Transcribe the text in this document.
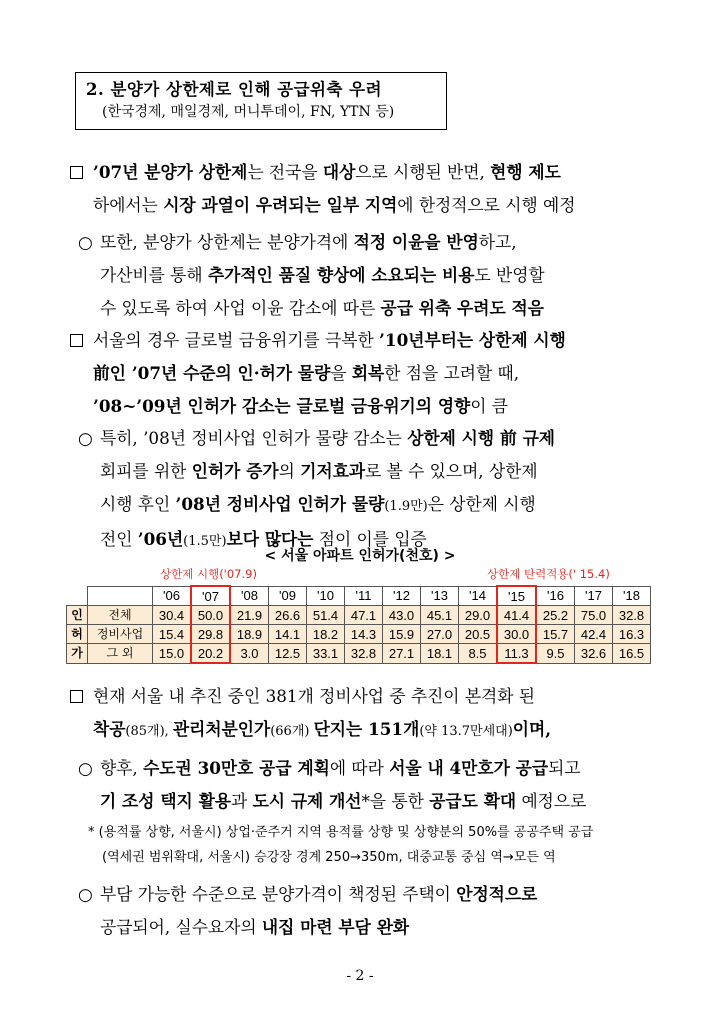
2. 분양가 상한제로 인해 공급위축 우려
(한국경제, 매일경제, 머니투데이, FN, YTN 등)
’07년 분양가 상한제는 전국을 대상으로 시행된 반면, 현행 제도
하에서는 시장 과열이 우려되는 일부 지역에 한정적으로 시행 예정
○ 또한, 분양가 상한제는 분양가격에 적정 이윤을 반영하고,
가산비를 통해 추가적인 품질 향상에 소요되는 비용도 반영할
수 있도록 하여 사업 이윤 감소에 따른 공급 위축 우려도 적음
서울의 경우 글로벌 금융위기를 극복한 ’10년부터는 상한제 시행
前인 ’07년 수준의 인·허가 물량을 회복한 점을 고려할 때,
’08~’09년 인허가 감소는 글로벌 금융위기의 영향이 큼
○ 특히, ’08년 정비사업 인허가 물량 감소는 상한제 시행 前 규제
회피를 위한 인허가 증가의 기저효과로 볼 수 있으며, 상한제
시행 후인 ’08년 정비사업 인허가 물량(1.9만)은 상한제 시행
전인 ’06년(1.5만)보다 많다는 점이 이를 입증
< 서울 아파트 인허가(천호) >
상한제 시행('07.9)	상한제 탄력적용(' 15.4)
		'06	'07	'08	'09	'10	'11	'12	'13	'14	'15	'16	'17	'18
인	전체	30.4	50.0	21.9	26.6	51.4	47.1	43.0	45.1	29.0	41.4	25.2	75.0	32.8
허	정비사업	15.4	29.8	18.9	14.1	18.2	14.3	15.9	27.0	20.5	30.0	15.7	42.4	16.3
가	그 외	15.0	20.2	3.0	12.5	33.1	32.8	27.1	18.1	8.5	11.3	9.5	32.6	16.5
현재 서울 내 추진 중인 381개 정비사업 중 추진이 본격화 된
착공(85개), 관리처분인가(66개) 단지는 151개(약 13.7만세대)이며,
○ 향후, 수도권 30만호 공급 계획에 따라 서울 내 4만호가 공급되고
기 조성 택지 활용과 도시 규제 개선*을 통한 공급도 확대 예정으로
* (용적률 상향, 서울시) 상업·준주거 지역 용적률 상향 및 상향분의 50%를 공공주택 공급
(역세권 범위확대, 서울시) 승강장 경계 250→350m, 대중교통 중심 역→모든 역
○ 부담 가능한 수준으로 분양가격이 책정된 주택이 안정적으로
공급되어, 실수요자의 내집 마련 부담 완화
- 2 -
